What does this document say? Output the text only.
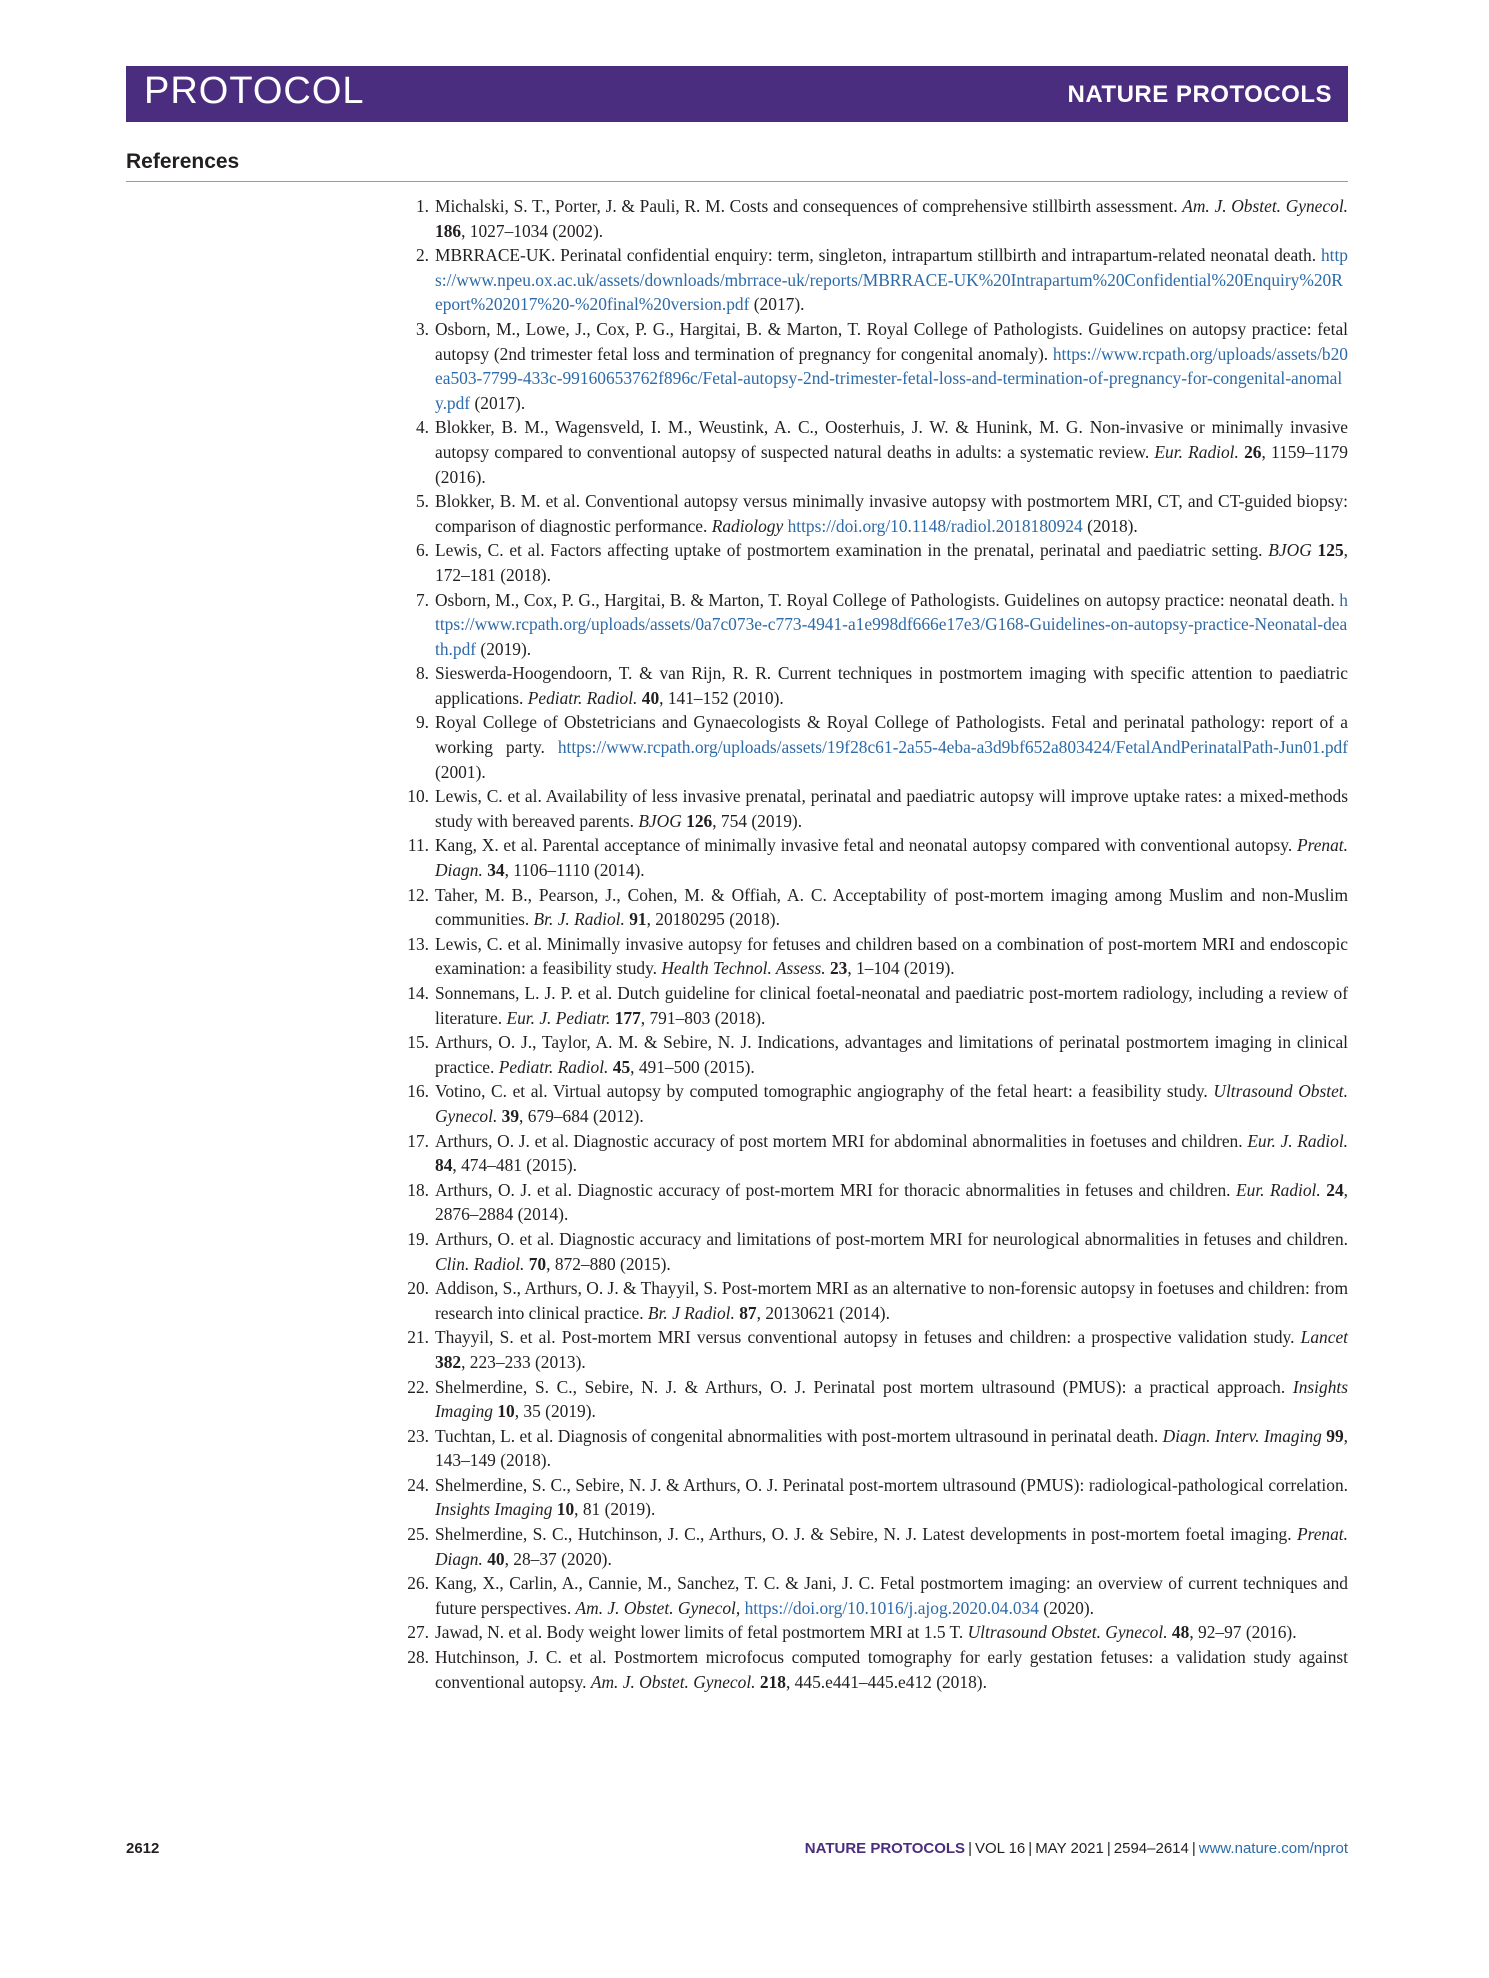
PROTOCOL	NATURE PROTOCOLS
References
1. Michalski, S. T., Porter, J. & Pauli, R. M. Costs and consequences of comprehensive stillbirth assessment. Am. J. Obstet. Gynecol. 186, 1027–1034 (2002).
2. MBRRACE-UK. Perinatal confidential enquiry: term, singleton, intrapartum stillbirth and intrapartum-related neonatal death. https://www.npeu.ox.ac.uk/assets/downloads/mbrrace-uk/reports/MBRRACE-UK%20Intrapartum%20Confidential%20Enquiry%20Report%202017%20-%20final%20version.pdf (2017).
3. Osborn, M., Lowe, J., Cox, P. G., Hargitai, B. & Marton, T. Royal College of Pathologists. Guidelines on autopsy practice: fetal autopsy (2nd trimester fetal loss and termination of pregnancy for congenital anomaly). https://www.rcpath.org/uploads/assets/b20ea503-7799-433c-99160653762f896c/Fetal-autopsy-2nd-trimester-fetal-loss-and-termination-of-pregnancy-for-congenital-anomaly.pdf (2017).
4. Blokker, B. M., Wagensveld, I. M., Weustink, A. C., Oosterhuis, J. W. & Hunink, M. G. Non-invasive or minimally invasive autopsy compared to conventional autopsy of suspected natural deaths in adults: a systematic review. Eur. Radiol. 26, 1159–1179 (2016).
5. Blokker, B. M. et al. Conventional autopsy versus minimally invasive autopsy with postmortem MRI, CT, and CT-guided biopsy: comparison of diagnostic performance. Radiology https://doi.org/10.1148/radiol.2018180924 (2018).
6. Lewis, C. et al. Factors affecting uptake of postmortem examination in the prenatal, perinatal and paediatric setting. BJOG 125, 172–181 (2018).
7. Osborn, M., Cox, P. G., Hargitai, B. & Marton, T. Royal College of Pathologists. Guidelines on autopsy practice: neonatal death. https://www.rcpath.org/uploads/assets/0a7c073e-c773-4941-a1e998df666e17e3/G168-Guidelines-on-autopsy-practice-Neonatal-death.pdf (2019).
8. Sieswerda-Hoogendoorn, T. & van Rijn, R. R. Current techniques in postmortem imaging with specific attention to paediatric applications. Pediatr. Radiol. 40, 141–152 (2010).
9. Royal College of Obstetricians and Gynaecologists & Royal College of Pathologists. Fetal and perinatal pathology: report of a working party. https://www.rcpath.org/uploads/assets/19f28c61-2a55-4eba-a3d9bf652a803424/FetalAndPerinatalPath-Jun01.pdf (2001).
10. Lewis, C. et al. Availability of less invasive prenatal, perinatal and paediatric autopsy will improve uptake rates: a mixed-methods study with bereaved parents. BJOG 126, 754 (2019).
11. Kang, X. et al. Parental acceptance of minimally invasive fetal and neonatal autopsy compared with conventional autopsy. Prenat. Diagn. 34, 1106–1110 (2014).
12. Taher, M. B., Pearson, J., Cohen, M. & Offiah, A. C. Acceptability of post-mortem imaging among Muslim and non-Muslim communities. Br. J. Radiol. 91, 20180295 (2018).
13. Lewis, C. et al. Minimally invasive autopsy for fetuses and children based on a combination of post-mortem MRI and endoscopic examination: a feasibility study. Health Technol. Assess. 23, 1–104 (2019).
14. Sonnemans, L. J. P. et al. Dutch guideline for clinical foetal-neonatal and paediatric post-mortem radiology, including a review of literature. Eur. J. Pediatr. 177, 791–803 (2018).
15. Arthurs, O. J., Taylor, A. M. & Sebire, N. J. Indications, advantages and limitations of perinatal postmortem imaging in clinical practice. Pediatr. Radiol. 45, 491–500 (2015).
16. Votino, C. et al. Virtual autopsy by computed tomographic angiography of the fetal heart: a feasibility study. Ultrasound Obstet. Gynecol. 39, 679–684 (2012).
17. Arthurs, O. J. et al. Diagnostic accuracy of post mortem MRI for abdominal abnormalities in foetuses and children. Eur. J. Radiol. 84, 474–481 (2015).
18. Arthurs, O. J. et al. Diagnostic accuracy of post-mortem MRI for thoracic abnormalities in fetuses and children. Eur. Radiol. 24, 2876–2884 (2014).
19. Arthurs, O. et al. Diagnostic accuracy and limitations of post-mortem MRI for neurological abnormalities in fetuses and children. Clin. Radiol. 70, 872–880 (2015).
20. Addison, S., Arthurs, O. J. & Thayyil, S. Post-mortem MRI as an alternative to non-forensic autopsy in foetuses and children: from research into clinical practice. Br. J Radiol. 87, 20130621 (2014).
21. Thayyil, S. et al. Post-mortem MRI versus conventional autopsy in fetuses and children: a prospective validation study. Lancet 382, 223–233 (2013).
22. Shelmerdine, S. C., Sebire, N. J. & Arthurs, O. J. Perinatal post mortem ultrasound (PMUS): a practical approach. Insights Imaging 10, 35 (2019).
23. Tuchtan, L. et al. Diagnosis of congenital abnormalities with post-mortem ultrasound in perinatal death. Diagn. Interv. Imaging 99, 143–149 (2018).
24. Shelmerdine, S. C., Sebire, N. J. & Arthurs, O. J. Perinatal post-mortem ultrasound (PMUS): radiological-pathological correlation. Insights Imaging 10, 81 (2019).
25. Shelmerdine, S. C., Hutchinson, J. C., Arthurs, O. J. & Sebire, N. J. Latest developments in post-mortem foetal imaging. Prenat. Diagn. 40, 28–37 (2020).
26. Kang, X., Carlin, A., Cannie, M., Sanchez, T. C. & Jani, J. C. Fetal postmortem imaging: an overview of current techniques and future perspectives. Am. J. Obstet. Gynecol, https://doi.org/10.1016/j.ajog.2020.04.034 (2020).
27. Jawad, N. et al. Body weight lower limits of fetal postmortem MRI at 1.5 T. Ultrasound Obstet. Gynecol. 48, 92–97 (2016).
28. Hutchinson, J. C. et al. Postmortem microfocus computed tomography for early gestation fetuses: a validation study against conventional autopsy. Am. J. Obstet. Gynecol. 218, 445.e441–445.e412 (2018).
2612	NATURE PROTOCOLS | VOL 16 | MAY 2021 | 2594–2614 | www.nature.com/nprot
